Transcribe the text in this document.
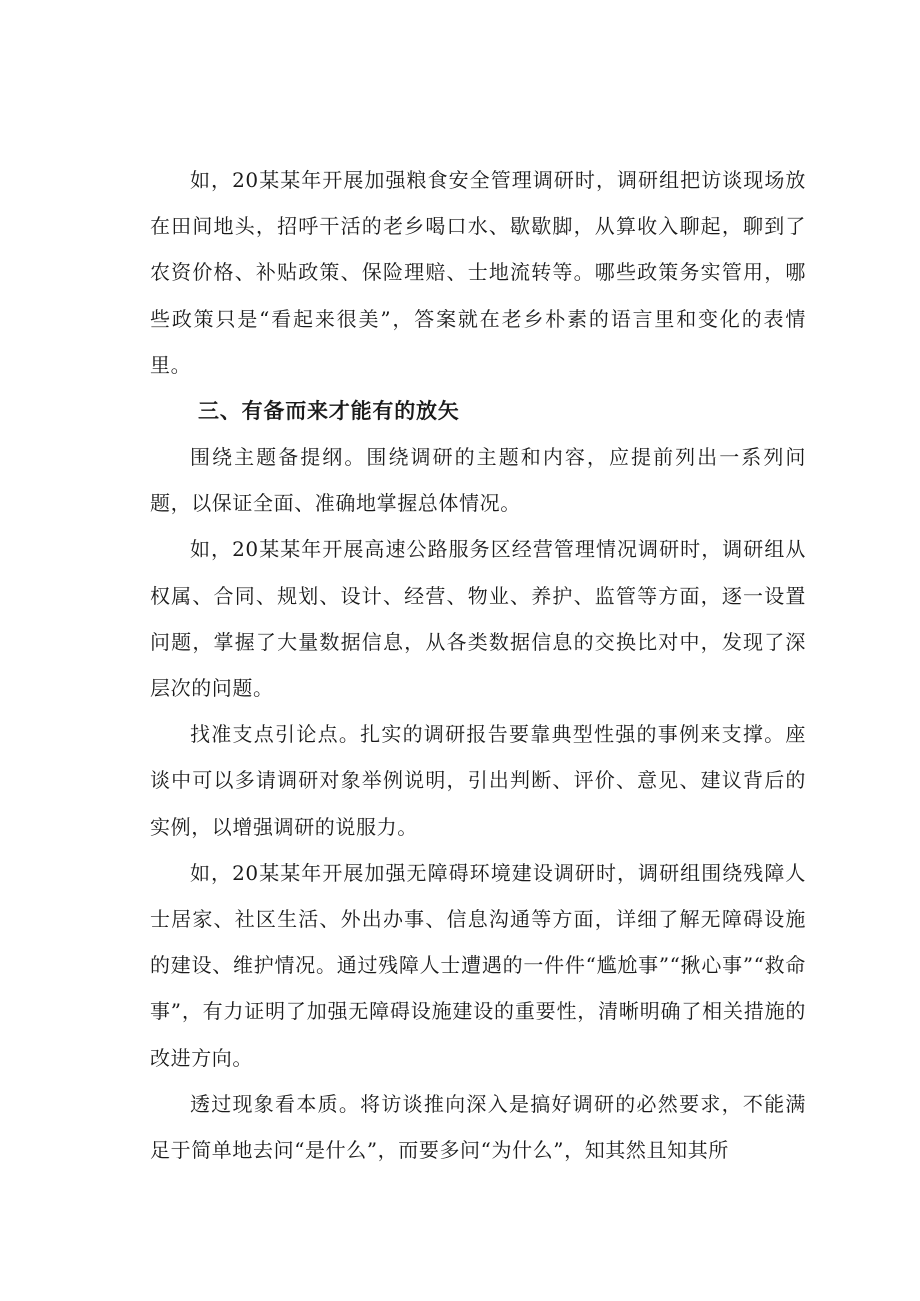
如，20某某年开展加强粮食安全管理调研时，调研组把访谈现场放在田间地头，招呼干活的老乡喝口水、歇歇脚，从算收入聊起，聊到了农资价格、补贴政策、保险理赔、士地流转等。哪些政策务实管用，哪些政策只是“看起来很美”，答案就在老乡朴素的语言里和变化的表情里。

三、有备而来才能有的放矢

围绕主题备提纲。围绕调研的主题和内容，应提前列出一系列问题，以保证全面、准确地掌握总体情况。

如，20某某年开展高速公路服务区经营管理情况调研时，调研组从权属、合同、规划、设计、经营、物业、养护、监管等方面，逐一设置问题，掌握了大量数据信息，从各类数据信息的交换比对中，发现了深层次的问题。

找准支点引论点。扎实的调研报告要靠典型性强的事例来支撑。座谈中可以多请调研对象举例说明，引出判断、评价、意见、建议背后的实例，以增强调研的说服力。

如，20某某年开展加强无障碍环境建设调研时，调研组围绕残障人士居家、社区生活、外出办事、信息沟通等方面，详细了解无障碍设施的建设、维护情况。通过残障人士遭遇的一件件“尴尬事”“揪心事”“救命事”，有力证明了加强无障碍设施建设的重要性，清晰明确了相关措施的改进方向。

透过现象看本质。将访谈推向深入是搞好调研的必然要求，不能满足于简单地去问“是什么”，而要多问“为什么”，知其然且知其所
